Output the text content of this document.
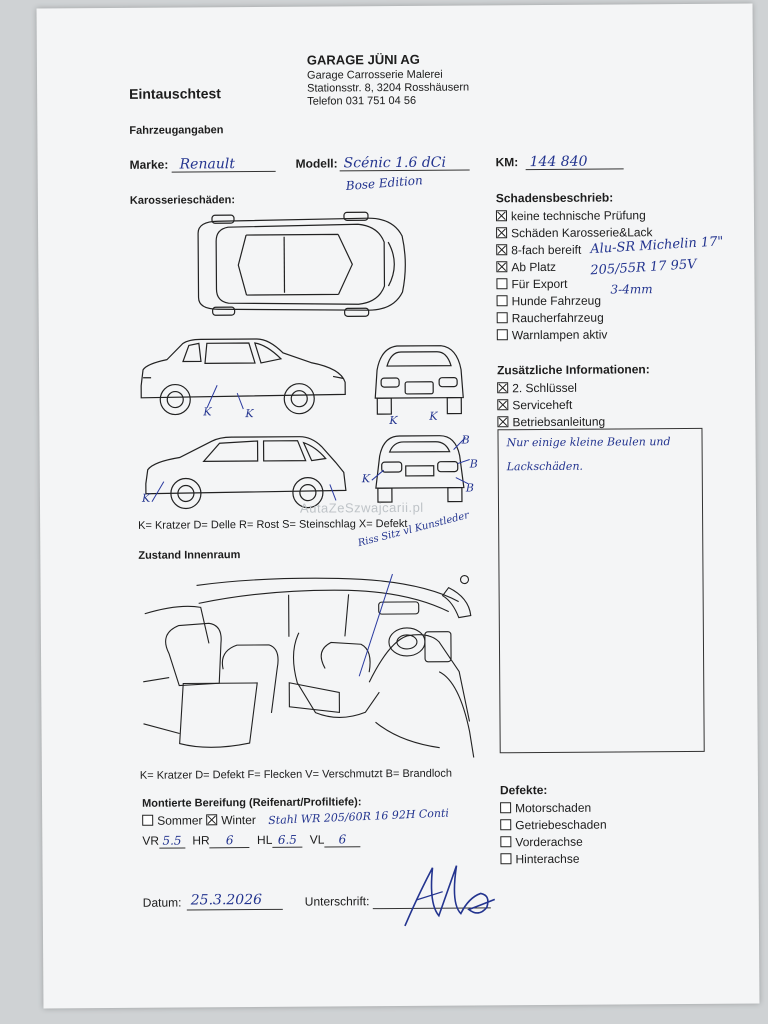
Eintauschtest
GARAGE JÜNI AG
Garage Carrosserie Malerei
Stationsstr. 8, 3204 Rosshäusern
Telefon 031 751 04 56
Fahrzeugangaben
Marke: Renault	Modell: Scénic 1.6 dCi
Bose Edition
KM: 144 840
Karosserieschäden:
K	K
K	K
K
K
B
B
B
AutaZeSzwajcarii.pl
K= Kratzer D= Delle R= Rost S= Steinschlag X= Defekt
Schadensbeschrieb:
keine technische Prüfung
Schäden Karosserie&Lack
8-fach bereift
Ab Platz
Für Export
Hunde Fahrzeug
Raucherfahrzeug
Warnlampen aktiv
Alu-SR Michelin 17"
205/55R 17 95V
3-4mm
Zusätzliche Informationen:
2. Schlüssel
Serviceheft
Betriebsanleitung
Nur einige kleine Beulen und
Lackschäden.
Zustand Innenraum
Riss Sitz vl Kunstleder
K= Kratzer D= Defekt F= Flecken V= Verschmutzt B= Brandloch
Montierte Bereifung (Reifenart/Profiltiefe):
Sommer	Winter Stahl WR 205/60R 16 92H Conti
VR 5.5 HR 6 HL 6.5 VL 6
Defekte:
Motorschaden
Getriebeschaden
Vorderachse
Hinterachse
Datum: 25.3.2026	Unterschrift:
